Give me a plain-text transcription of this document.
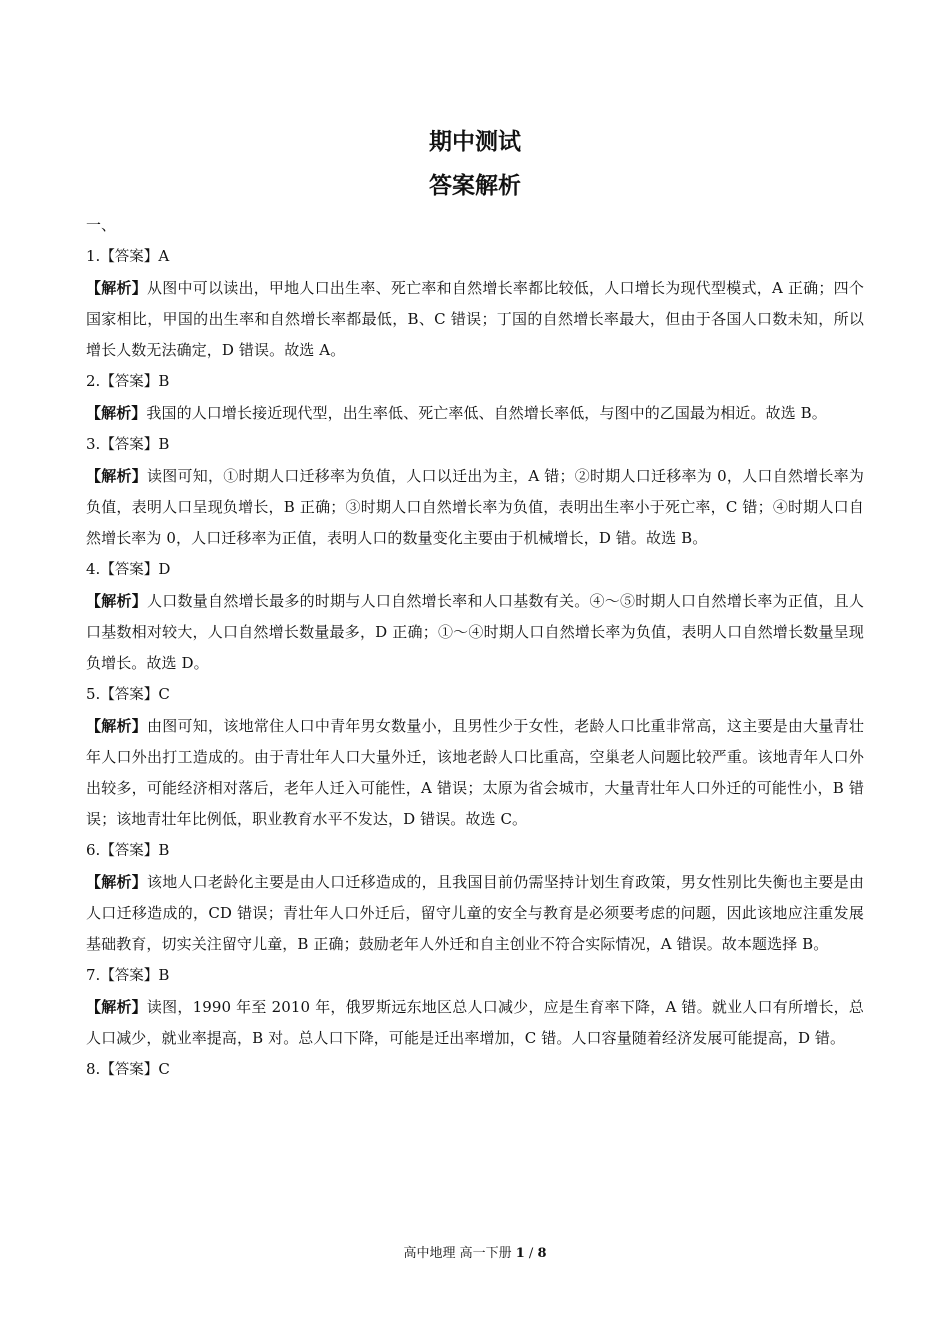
期中测试
答案解析
一、
1.【答案】A
【解析】从图中可以读出，甲地人口出生率、死亡率和自然增长率都比较低，人口增长为现代型模式，A 正确；四个国家相比，甲国的出生率和自然增长率都最低，B、C 错误；丁国的自然增长率最大，但由于各国人口数未知，所以增长人数无法确定，D 错误。故选 A。
2.【答案】B
【解析】我国的人口增长接近现代型，出生率低、死亡率低、自然增长率低，与图中的乙国最为相近。故选 B。
3.【答案】B
【解析】读图可知，①时期人口迁移率为负值，人口以迁出为主，A 错；②时期人口迁移率为 0，人口自然增长率为负值，表明人口呈现负增长，B 正确；③时期人口自然增长率为负值，表明出生率小于死亡率，C 错；④时期人口自然增长率为 0，人口迁移率为正值，表明人口的数量变化主要由于机械增长，D 错。故选 B。
4.【答案】D
【解析】人口数量自然增长最多的时期与人口自然增长率和人口基数有关。④～⑤时期人口自然增长率为正值，且人口基数相对较大，人口自然增长数量最多，D 正确；①～④时期人口自然增长率为负值，表明人口自然增长数量呈现负增长。故选 D。
5.【答案】C
【解析】由图可知，该地常住人口中青年男女数量小，且男性少于女性，老龄人口比重非常高，这主要是由大量青壮年人口外出打工造成的。由于青壮年人口大量外迁，该地老龄人口比重高，空巢老人问题比较严重。该地青年人口外出较多，可能经济相对落后，老年人迁入可能性，A 错误；太原为省会城市，大量青壮年人口外迁的可能性小，B 错误；该地青壮年比例低，职业教育水平不发达，D 错误。故选 C。
6.【答案】B
【解析】该地人口老龄化主要是由人口迁移造成的，且我国目前仍需坚持计划生育政策，男女性别比失衡也主要是由人口迁移造成的，CD 错误；青壮年人口外迁后，留守儿童的安全与教育是必须要考虑的问题，因此该地应注重发展基础教育，切实关注留守儿童，B 正确；鼓励老年人外迁和自主创业不符合实际情况，A 错误。故本题选择 B。
7.【答案】B
【解析】读图，1990 年至 2010 年，俄罗斯远东地区总人口减少，应是生育率下降，A 错。就业人口有所增长，总人口减少，就业率提高，B 对。总人口下降，可能是迁出率增加，C 错。人口容量随着经济发展可能提高，D 错。
8.【答案】C
高中地理 高一下册 1 / 8
